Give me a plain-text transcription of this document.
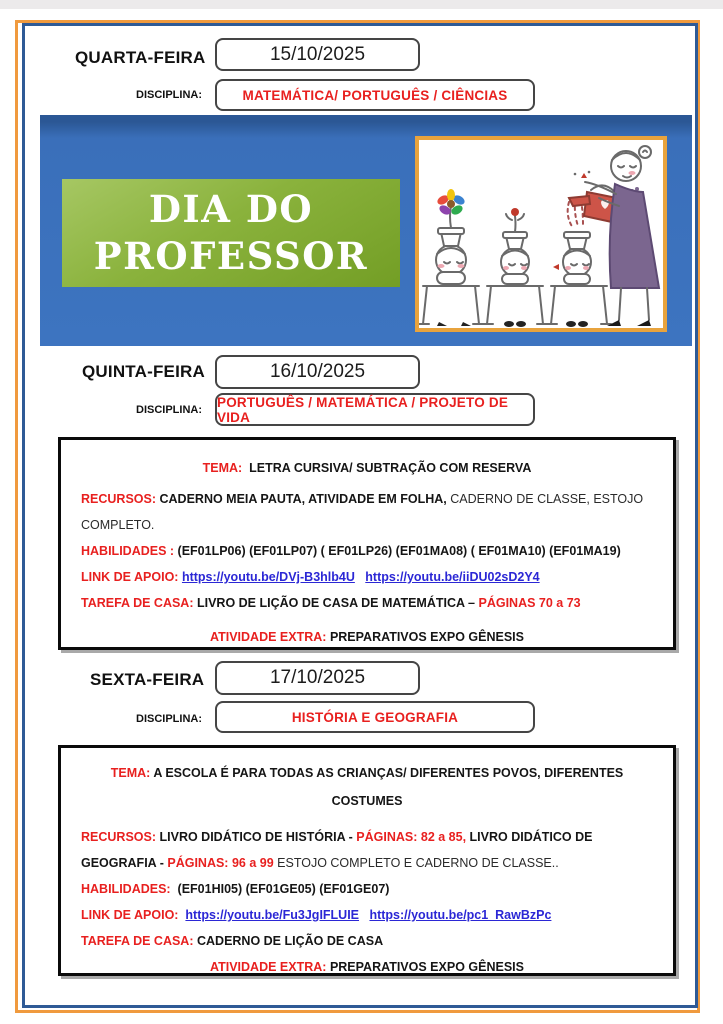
QUARTA-FEIRA	15/10/2025
DISCIPLINA:	MATEMÁTICA/ PORTUGUÊS / CIÊNCIAS
DIA DO
PROFESSOR
QUINTA-FEIRA	16/10/2025
DISCIPLINA:
PORTUGUÊS / MATEMÁTICA / PROJETO DE VIDA

TEMA: LETRA CURSIVA/ SUBTRAÇÃO COM RESERVA

RECURSOS: CADERNO MEIA PAUTA, ATIVIDADE EM FOLHA, CADERNO DE CLASSE, ESTOJO COMPLETO.

HABILIDADES : (EF01LP06) (EF01LP07) ( EF01LP26) (EF01MA08) ( EF01MA10) (EF01MA19)

LINK DE APOIO: https://youtu.be/DVj-B3hlb4U https://youtu.be/iiDU02sD2Y4

TAREFA DE CASA: LIVRO DE LIÇÃO DE CASA DE MATEMÁTICA – PÁGINAS 70 a 73

ATIVIDADE EXTRA: PREPARATIVOS EXPO GÊNESIS

SEXTA-FEIRA	17/10/2025
DISCIPLINA:	HISTÓRIA E GEOGRAFIA

TEMA: A ESCOLA É PARA TODAS AS CRIANÇAS/ DIFERENTES POVOS, DIFERENTES COSTUMES

RECURSOS: LIVRO DIDÁTICO DE HISTÓRIA - PÁGINAS: 82 a 85, LIVRO DIDÁTICO DE GEOGRAFIA - PÁGINAS: 96 a 99 ESTOJO COMPLETO E CADERNO DE CLASSE..

HABILIDADES: (EF01HI05) (EF01GE05) (EF01GE07)

LINK DE APOIO: https://youtu.be/Fu3JgIFLUIE https://youtu.be/pc1_RawBzPc

TAREFA DE CASA: CADERNO DE LIÇÃO DE CASA

ATIVIDADE EXTRA: PREPARATIVOS EXPO GÊNESIS
